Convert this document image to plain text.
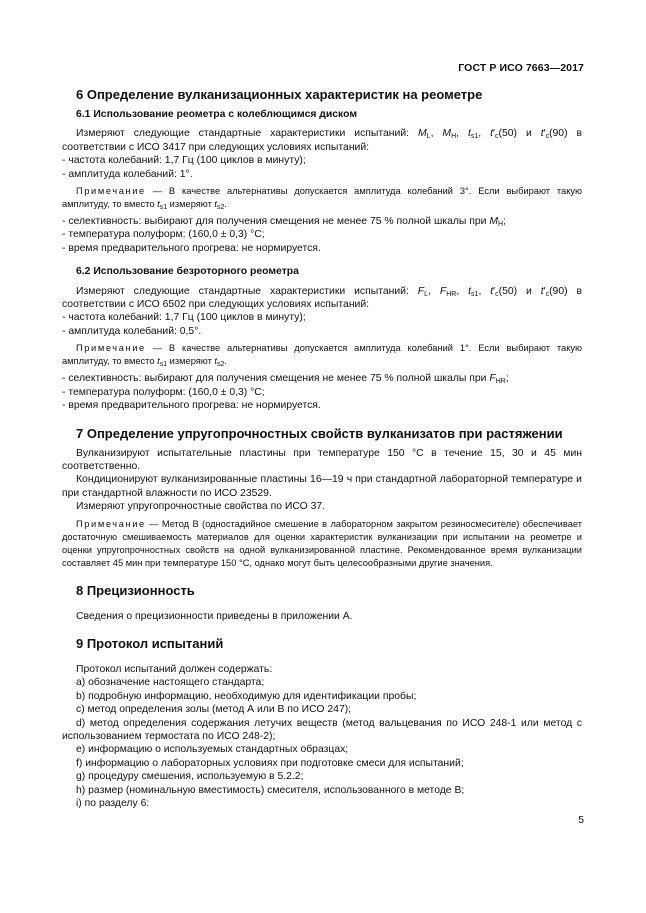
ГОСТ Р ИСО 7663—2017
6 Определение вулканизационных характеристик на реометре
6.1 Использование реометра с колеблющимся диском

Измеряют следующие стандартные характеристики испытаний: $M_L$, $M_H$, $t_{s1}$, $t'_c(50)$ и $t'_c(90)$ в соответствии с ИСО 3417 при следующих условиях испытаний:

- частота колебаний: 1,7 Гц (100 циклов в минуту);

- амплитуда колебаний: 1°.

Примечание — В качестве альтернативы допускается амплитуда колебаний 3°. Если выбирают такую амплитуду, то вместо $t_{s1}$ измеряют $t_{s2}$.

- селективность: выбирают для получения смещения не менее 75 % полной шкалы при $M_H$;

- температура полуформ: (160,0 ± 0,3) °С;

- время предварительного прогрева: не нормируется.

6.2 Использование безроторного реометра

Измеряют следующие стандартные характеристики испытаний: $F_L$, $F_{HR}$, $t_{s1}$, $t'_c(50)$ и $t'_c(90)$ в соответствии с ИСО 6502 при следующих условиях испытаний:

- частота колебаний: 1,7 Гц (100 циклов в минуту);

- амплитуда колебаний: 0,5°.

Примечание — В качестве альтернативы допускается амплитуда колебаний 1°. Если выбирают такую амплитуду, то вместо $t_{s1}$ измеряют $t_{s2}$.

- селективность: выбирают для получения смещения не менее 75 % полной шкалы при $F_{HR}$;

- температура полуформ: (160,0 ± 0,3) °С;

- время предварительного прогрева: не нормируется.

7 Определение упругопрочностных свойств вулканизатов при растяжении

Вулканизируют испытательные пластины при температуре 150 °С в течение 15, 30 и 45 мин соответственно.

Кондиционируют вулканизированные пластины 16—19 ч при стандартной лабораторной температуре и при стандартной влажности по ИСО 23529.

Измеряют упругопрочностные свойства по ИСО 37.

Примечание — Метод В (одностадийное смешение в лабораторном закрытом резиносмесителе) обеспечивает достаточную смешиваемость материалов для оценки характеристик вулканизации при испытании на реометре и оценки упругопрочностных свойств на одной вулканизированной пластине. Рекомендованное время вулканизации составляет 45 мин при температуре 150 °С, однако могут быть целесообразными другие значения.

8 Прецизионность

Сведения о прецизионности приведены в приложении А.

9 Протокол испытаний

Протокол испытаний должен содержать:

a) обозначение настоящего стандарта;

b) подробную информацию, необходимую для идентификации пробы;

c) метод определения золы (метод А или В по ИСО 247);

d) метод определения содержания летучих веществ (метод вальцевания по ИСО 248-1 или метод с использованием термостата по ИСО 248-2);

e) информацию о используемых стандартных образцах;

f) информацию о лабораторных условиях при подготовке смеси для испытаний;

g) процедуру смешения, используемую в 5.2.2;

h) размер (номинальную вместимость) смесителя, использованного в методе В;

i) по разделу 6:

5
